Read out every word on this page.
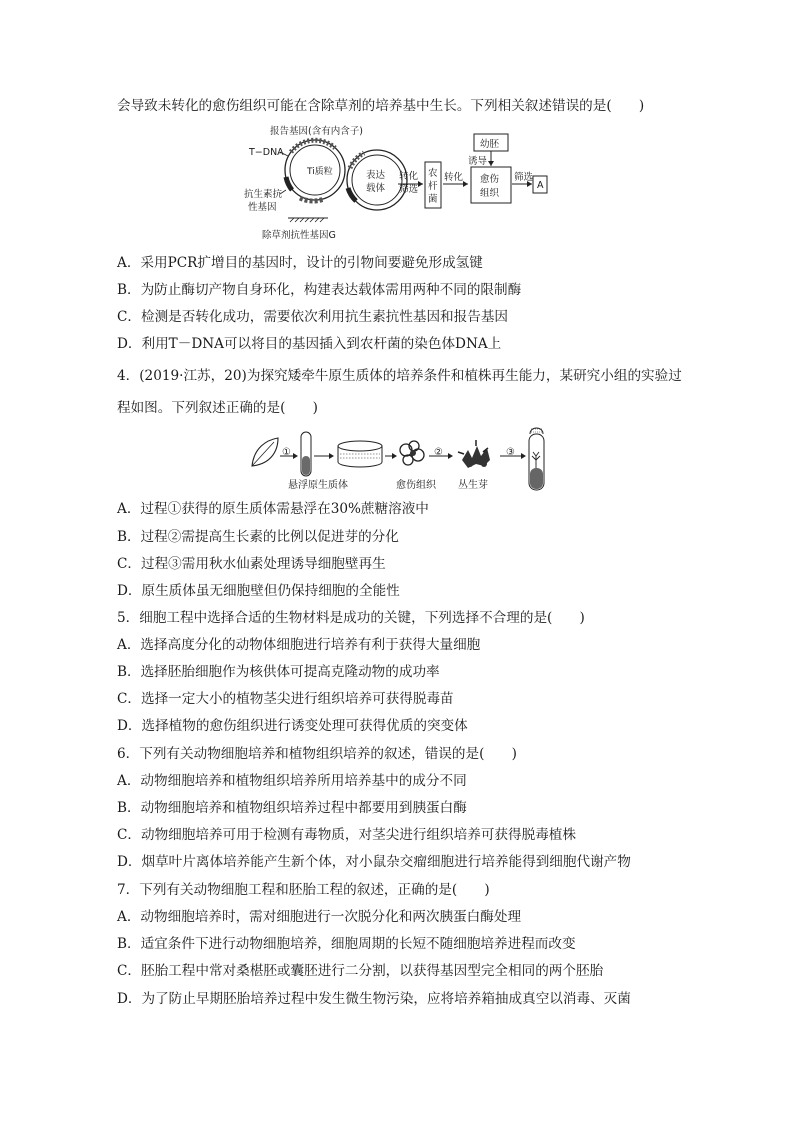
会导致未转化的愈伤组织可能在含除草剂的培养基中生长。下列相关叙述错误的是(　　)
Ti质粒
报告基因(含有内含子)
T−DNA
抗生素抗
性基因
除草剂抗性基因G
表达
载体
转化
筛选
农
杆
菌
转化
幼胚
诱导
愈伤
组织
筛选
A
A．采用PCR扩增目的基因时，设计的引物间要避免形成氢键
B．为防止酶切产物自身环化，构建表达载体需用两种不同的限制酶
C．检测是否转化成功，需要依次利用抗生素抗性基因和报告基因
D．利用T－DNA可以将目的基因插入到农杆菌的染色体DNA上
4．(2019·江苏，20)为探究矮牵牛原生质体的培养条件和植株再生能力，某研究小组的实验过
程如图。下列叙述正确的是(　　)
①	②	③
悬浮原生质体	愈伤组织 丛生芽
A．过程①获得的原生质体需悬浮在30%蔗糖溶液中
B．过程②需提高生长素的比例以促进芽的分化
C．过程③需用秋水仙素处理诱导细胞壁再生
D．原生质体虽无细胞壁但仍保持细胞的全能性
5．细胞工程中选择合适的生物材料是成功的关键，下列选择不合理的是(　　)
A．选择高度分化的动物体细胞进行培养有利于获得大量细胞
B．选择胚胎细胞作为核供体可提高克隆动物的成功率
C．选择一定大小的植物茎尖进行组织培养可获得脱毒苗
D．选择植物的愈伤组织进行诱变处理可获得优质的突变体
6．下列有关动物细胞培养和植物组织培养的叙述，错误的是(　　)
A．动物细胞培养和植物组织培养所用培养基中的成分不同
B．动物细胞培养和植物组织培养过程中都要用到胰蛋白酶
C．动物细胞培养可用于检测有毒物质，对茎尖进行组织培养可获得脱毒植株
D．烟草叶片离体培养能产生新个体，对小鼠杂交瘤细胞进行培养能得到细胞代谢产物
7．下列有关动物细胞工程和胚胎工程的叙述，正确的是(　　)
A．动物细胞培养时，需对细胞进行一次脱分化和两次胰蛋白酶处理
B．适宜条件下进行动物细胞培养，细胞周期的长短不随细胞培养进程而改变
C．胚胎工程中常对桑椹胚或囊胚进行二分割，以获得基因型完全相同的两个胚胎
D．为了防止早期胚胎培养过程中发生微生物污染，应将培养箱抽成真空以消毒、灭菌
